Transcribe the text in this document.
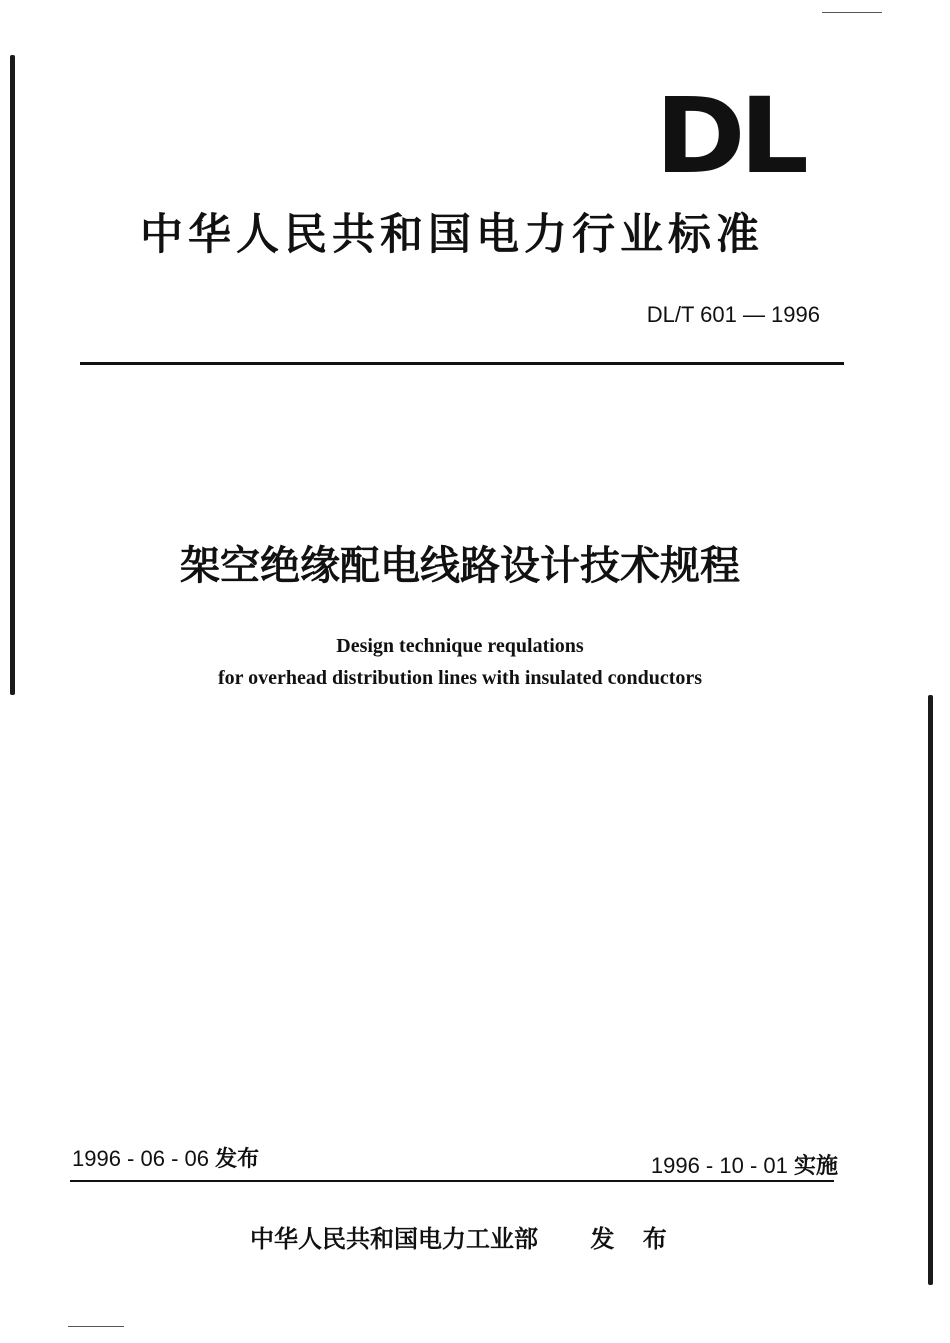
DL
中华人民共和国电力行业标准
DL/T 601 — 1996
架空绝缘配电线路设计技术规程
Design technique requlations
for overhead distribution lines with insulated conductors
1996 - 06 - 06 发布	1996 - 10 - 01 实施
中华人民共和国电力工业部 发 布
